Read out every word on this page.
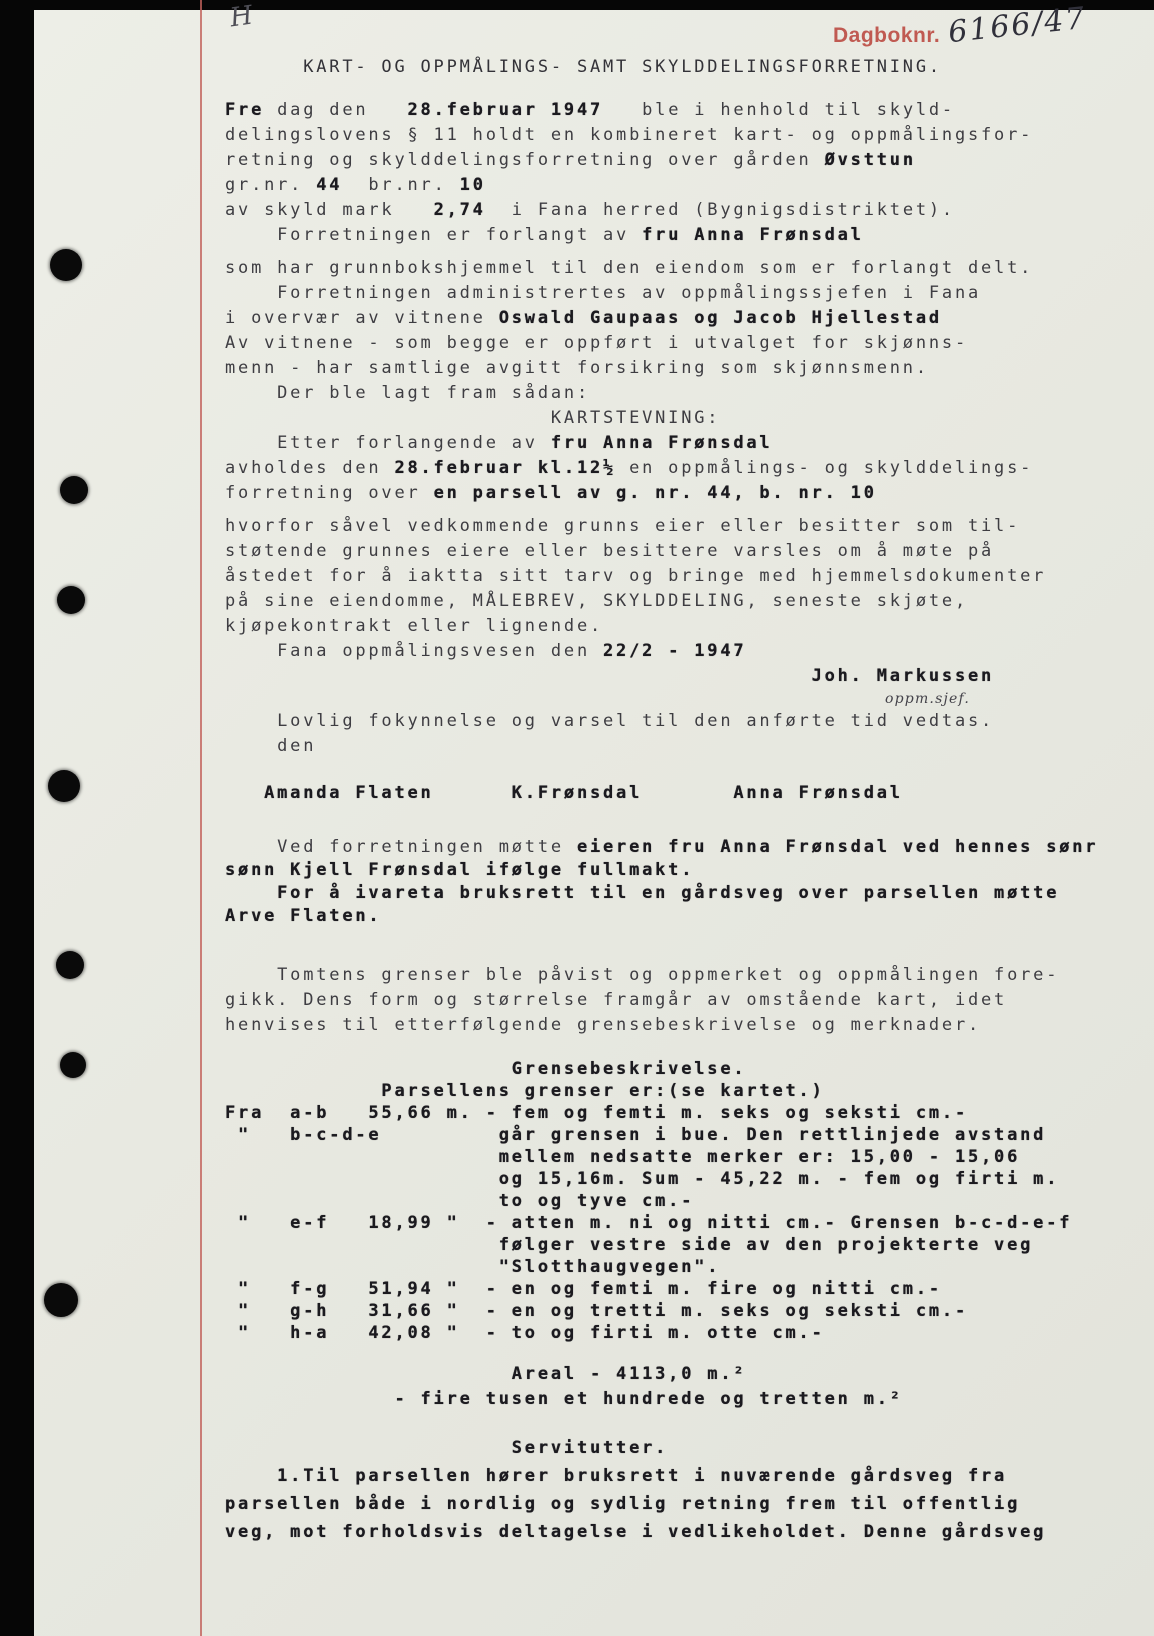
H
Dagboknr. 6166/47
KART- OG OPPMÅLINGS- SAMT SKYLDDELINGSFORRETNING.
Fre dag den   28.februar 1947   ble i henhold til skyld-
delingslovens § 11 holdt en kombineret kart- og oppmålingsfor-
retning og skylddelingsforretning over gården Øvsttun
gr.nr. 44  br.nr. 10
av skyld mark   2,74  i Fana herred (Bygnigsdistriktet).
Forretningen er forlangt av fru Anna Frønsdal
som har grunnbokshjemmel til den eiendom som er forlangt delt.
Forretningen administrertes av oppmålingssjefen i Fana
i overvær av vitnene Oswald Gaupaas og Jacob Hjellestad
Av vitnene - som begge er oppført i utvalget for skjønns-
menn - har samtlige avgitt forsikring som skjønnsmenn.
Der ble lagt fram sådan:
KARTSTEVNING:
Etter forlangende av fru Anna Frønsdal
avholdes den 28.februar kl.12½ en oppmålings- og skylddelings-
forretning over en parsell av g. nr. 44, b. nr. 10
hvorfor såvel vedkommende grunns eier eller besitter som til-
støtende grunnes eiere eller besittere varsles om å møte på
åstedet for å iaktta sitt tarv og bringe med hjemmelsdokumenter
på sine eiendomme, MÅLEBREV, SKYLDDELING, seneste skjøte,
kjøpekontrakt eller lignende.
Fana oppmålingsvesen den 22/2 - 1947
Joh. Markussen
oppm.sjef.
Lovlig fokynnelse og varsel til den anførte tid vedtas.
den
Amanda Flaten	K.Frønsdal	Anna Frønsdal
Ved forretningen møtte eieren fru Anna Frønsdal ved hennes sønr
sønn Kjell Frønsdal ifølge fullmakt.
For å ivareta bruksrett til en gårdsveg over parsellen møtte
Arve Flaten.
Tomtens grenser ble påvist og oppmerket og oppmålingen fore-
gikk. Dens form og størrelse framgår av omstående kart, idet
henvises til etterfølgende grensebeskrivelse og merknader.
Grensebeskrivelse.
Parsellens grenser er:(se kartet.)
Fra  a-b   55,66 m. - fem og femti m. seks og seksti cm.-
"   b-c-d-e         går grensen i bue. Den rettlinjede avstand
mellem nedsatte merker er: 15,00 - 15,06
og 15,16m. Sum - 45,22 m. - fem og firti m.
to og tyve cm.-
"   e-f   18,99 "  - atten m. ni og nitti cm.- Grensen b-c-d-e-f
følger vestre side av den projekterte veg
"Slotthaugvegen".
"   f-g   51,94 "  - en og femti m. fire og nitti cm.-
"   g-h   31,66 "  - en og tretti m. seks og seksti cm.-
"   h-a   42,08 "  - to og firti m. otte cm.-
Areal - 4113,0 m.²
- fire tusen et hundrede og tretten m.²
Servitutter.
1.Til parsellen hører bruksrett i nuværende gårdsveg fra
parsellen både i nordlig og sydlig retning frem til offentlig
veg, mot forholdsvis deltagelse i vedlikeholdet. Denne gårdsveg
